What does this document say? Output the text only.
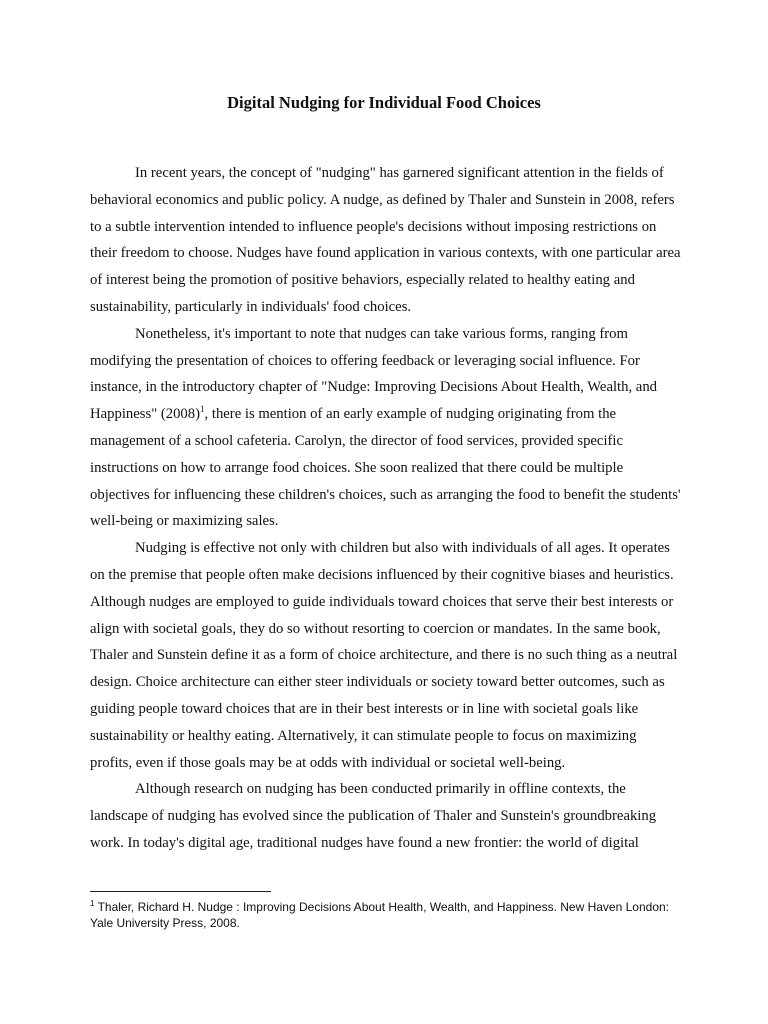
Digital Nudging for Individual Food Choices

In recent years, the concept of "nudging" has garnered significant attention in the fields of behavioral economics and public policy. A nudge, as defined by Thaler and Sunstein in 2008, refers to a subtle intervention intended to influence people's decisions without imposing restrictions on their freedom to choose. Nudges have found application in various contexts, with one particular area of interest being the promotion of positive behaviors, especially related to healthy eating and sustainability, particularly in individuals' food choices.

Nonetheless, it's important to note that nudges can take various forms, ranging from modifying the presentation of choices to offering feedback or leveraging social influence. For instance, in the introductory chapter of "Nudge: Improving Decisions About Health, Wealth, and Happiness" $(2008)^1$, there is mention of an early example of nudging originating from the management of a school cafeteria. Carolyn, the director of food services, provided specific instructions on how to arrange food choices. She soon realized that there could be multiple objectives for influencing these children's choices, such as arranging the food to benefit the students' well-being or maximizing sales.

Nudging is effective not only with children but also with individuals of all ages. It operates on the premise that people often make decisions influenced by their cognitive biases and heuristics. Although nudges are employed to guide individuals toward choices that serve their best interests or align with societal goals, they do so without resorting to coercion or mandates. In the same book, Thaler and Sunstein define it as a form of choice architecture, and there is no such thing as a neutral design. Choice architecture can either steer individuals or society toward better outcomes, such as guiding people toward choices that are in their best interests or in line with societal goals like sustainability or healthy eating. Alternatively, it can stimulate people to focus on maximizing profits, even if those goals may be at odds with individual or societal well-being.

Although research on nudging has been conducted primarily in offline contexts, the landscape of nudging has evolved since the publication of Thaler and Sunstein's groundbreaking work. In today's digital age, traditional nudges have found a new frontier: the world of digital

$^1$ Thaler, Richard H. Nudge : Improving Decisions About Health, Wealth, and Happiness. New Haven London: Yale University Press, 2008.
